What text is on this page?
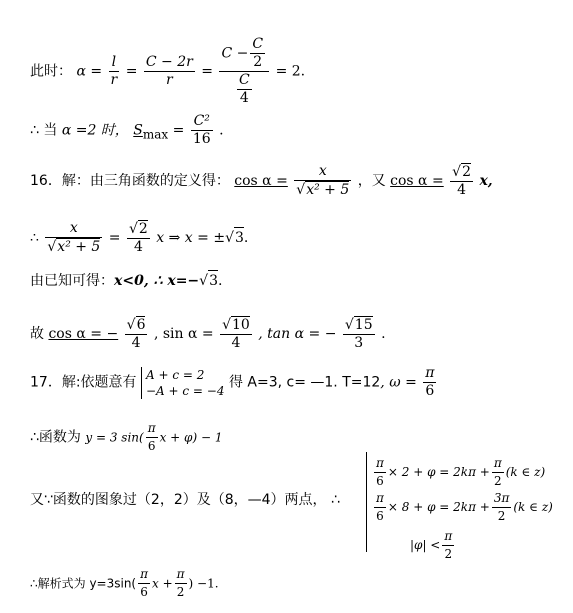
此时： $\alpha = \frac{l}{r} = \frac{C - 2r}{r} = \frac{C - \frac{C}{2}}{\frac{C}{4}} = 2$.
∴ 当 α =2 时， $S_{max} = \frac{\text{C²}}{16}$ .
16．解：由三角函数的定义得： $\cos \alpha = \frac{x}{\text{√x² + 5}}$ ，又 $\cos \alpha = \frac{√2}{4} x$,
∴ $\frac{x}{\text{√x² + 5}} = \frac{√2}{4}$ x ⇒ x = ±√3.
由已知可得：x<0, ∴ x=−√3.
故 cos α = − $\frac{√6}{4}$ , $\sin \alpha = \frac{√10}{4}$ , tan α = − $\frac{√15}{3}$ .
17．解:依题意有 A + c = 2
−A + c = −4 得 A=3, c= —1. T=12, $\omega = \frac{\pi}{6}$
∴函数为 y = 3 $\sin( \frac{\pi}{6}$ x + φ) − 1
又∵函数的图象过（2，2）及（8，—4）两点， ∴
$\frac{\pi}{6} \times 2 + \varphi = 2k\pi + \frac{\pi}{2} (k$ ∈ z)
$\frac{\pi}{6} \times 8 + \varphi = 2k\pi + \frac{3\pi}{2} (k$ ∈ z)
$|\varphi| < \frac{\pi}{2}$
∴解析式为 $y=3\sin( \frac{\pi}{6}$ $x + \frac{\pi}{2}$ ) −1.
